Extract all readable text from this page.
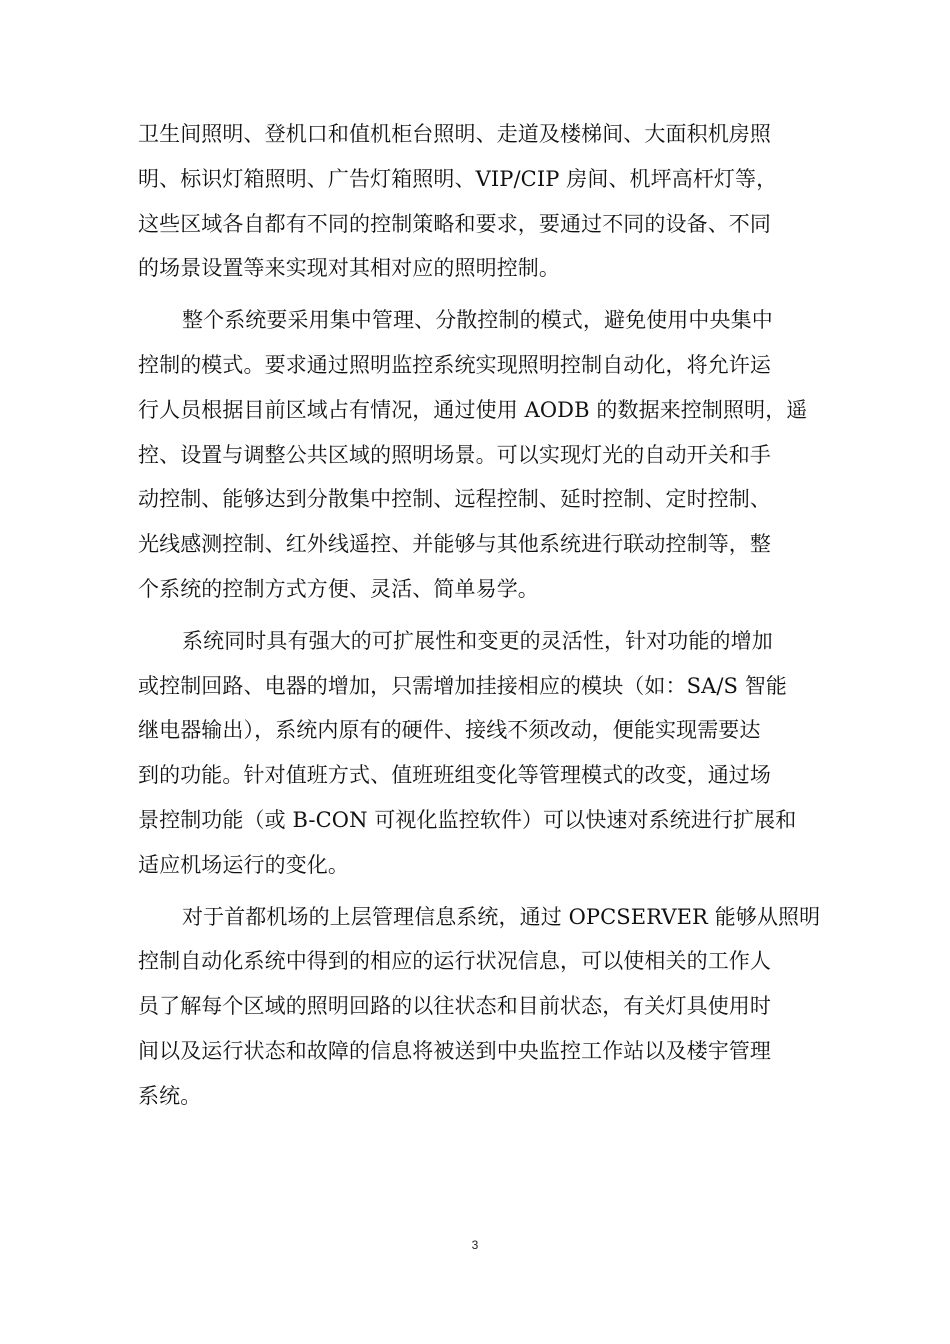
卫生间照明、登机口和值机柜台照明、走道及楼梯间、大面积机房照
明、标识灯箱照明、广告灯箱照明、VIP/CIP 房间、机坪高杆灯等，
这些区域各自都有不同的控制策略和要求，要通过不同的设备、不同
的场景设置等来实现对其相对应的照明控制。

整个系统要采用集中管理、分散控制的模式，避免使用中央集中
控制的模式。要求通过照明监控系统实现照明控制自动化，将允许运
行人员根据目前区域占有情况，通过使用 AODB 的数据来控制照明，遥
控、设置与调整公共区域的照明场景。可以实现灯光的自动开关和手
动控制、能够达到分散集中控制、远程控制、延时控制、定时控制、
光线感测控制、红外线遥控、并能够与其他系统进行联动控制等，整
个系统的控制方式方便、灵活、简单易学。

系统同时具有强大的可扩展性和变更的灵活性，针对功能的增加
或控制回路、电器的增加，只需增加挂接相应的模块（如：SA/S 智能
继电器输出），系统内原有的硬件、接线不须改动，便能实现需要达
到的功能。针对值班方式、值班班组变化等管理模式的改变，通过场
景控制功能（或 B-CON 可视化监控软件）可以快速对系统进行扩展和
适应机场运行的变化。

对于首都机场的上层管理信息系统，通过 OPCSERVER 能够从照明
控制自动化系统中得到的相应的运行状况信息，可以使相关的工作人
员了解每个区域的照明回路的以往状态和目前状态，有关灯具使用时
间以及运行状态和故障的信息将被送到中央监控工作站以及楼宇管理
系统。

3
